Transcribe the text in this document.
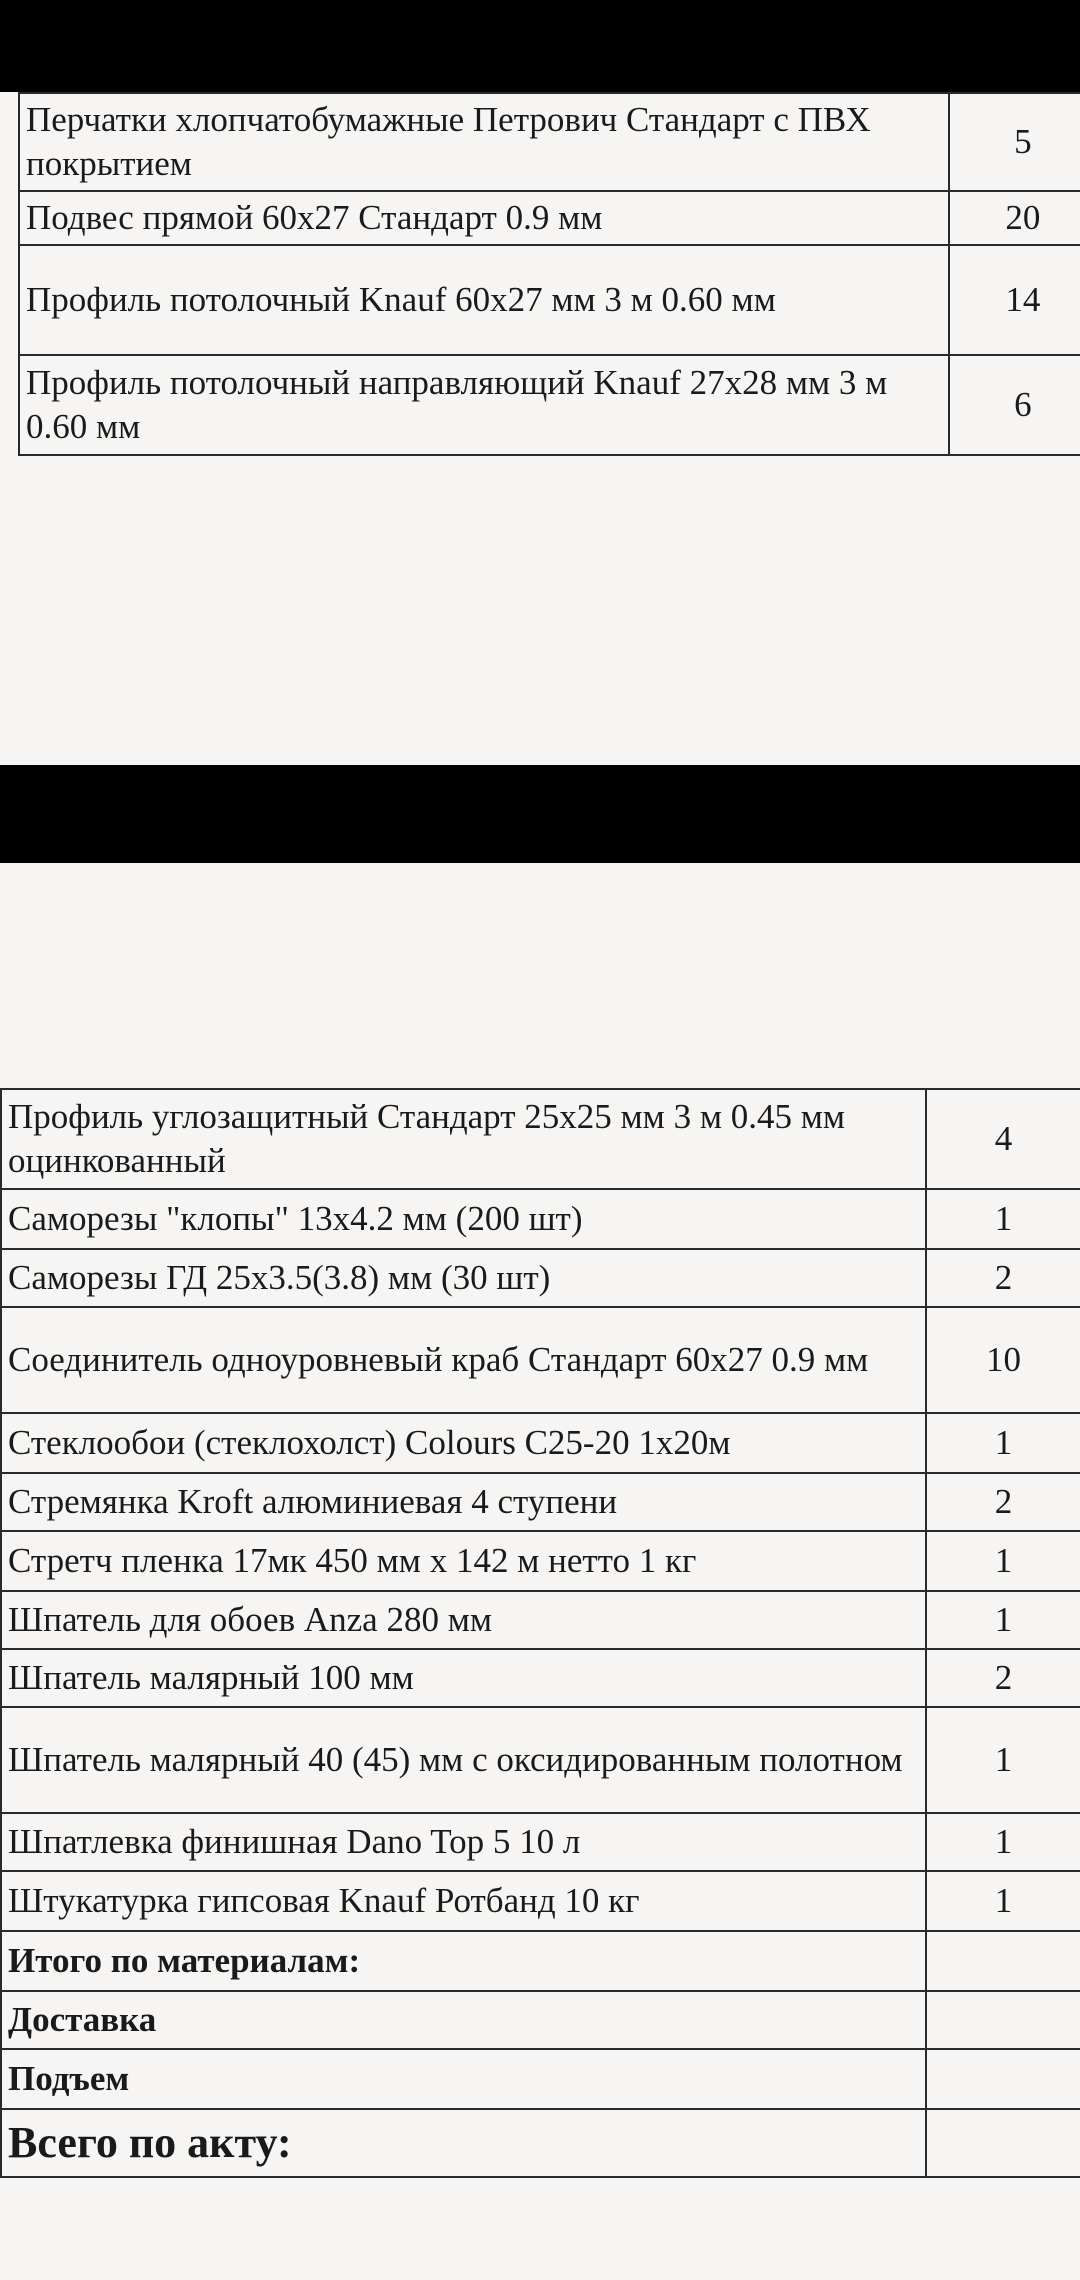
Перчатки хлопчатобумажные Петрович Стандарт с ПВХ покрытием	5
Подвес прямой 60х27 Стандарт 0.9 мм	20
Профиль потолочный Knauf 60х27 мм 3 м 0.60 мм	14
Профиль потолочный направляющий Knauf 27х28 мм 3 м 0.60 мм	6
Профиль углозащитный Стандарт 25х25 мм 3 м 0.45 мм оцинкованный	4
Саморезы "клопы" 13х4.2 мм (200 шт)	1
Саморезы ГД 25х3.5(3.8) мм (30 шт)	2
Соединитель одноуровневый краб Стандарт 60х27 0.9 мм	10
Стеклообои (стеклохолст) Colours C25-20 1х20м	1
Стремянка Kroft алюминиевая 4 ступени	2
Стретч пленка 17мк 450 мм х 142 м нетто 1 кг	1
Шпатель для обоев Anza 280 мм	1
Шпатель малярный 100 мм	2
Шпатель малярный 40 (45) мм с оксидированным полотном	1
Шпатлевка финишная Dano Top 5 10 л	1
Штукатурка гипсовая Knauf Ротбанд 10 кг	1
Итого по материалам:	
Доставка	
Подъем	
Всего по акту:	
